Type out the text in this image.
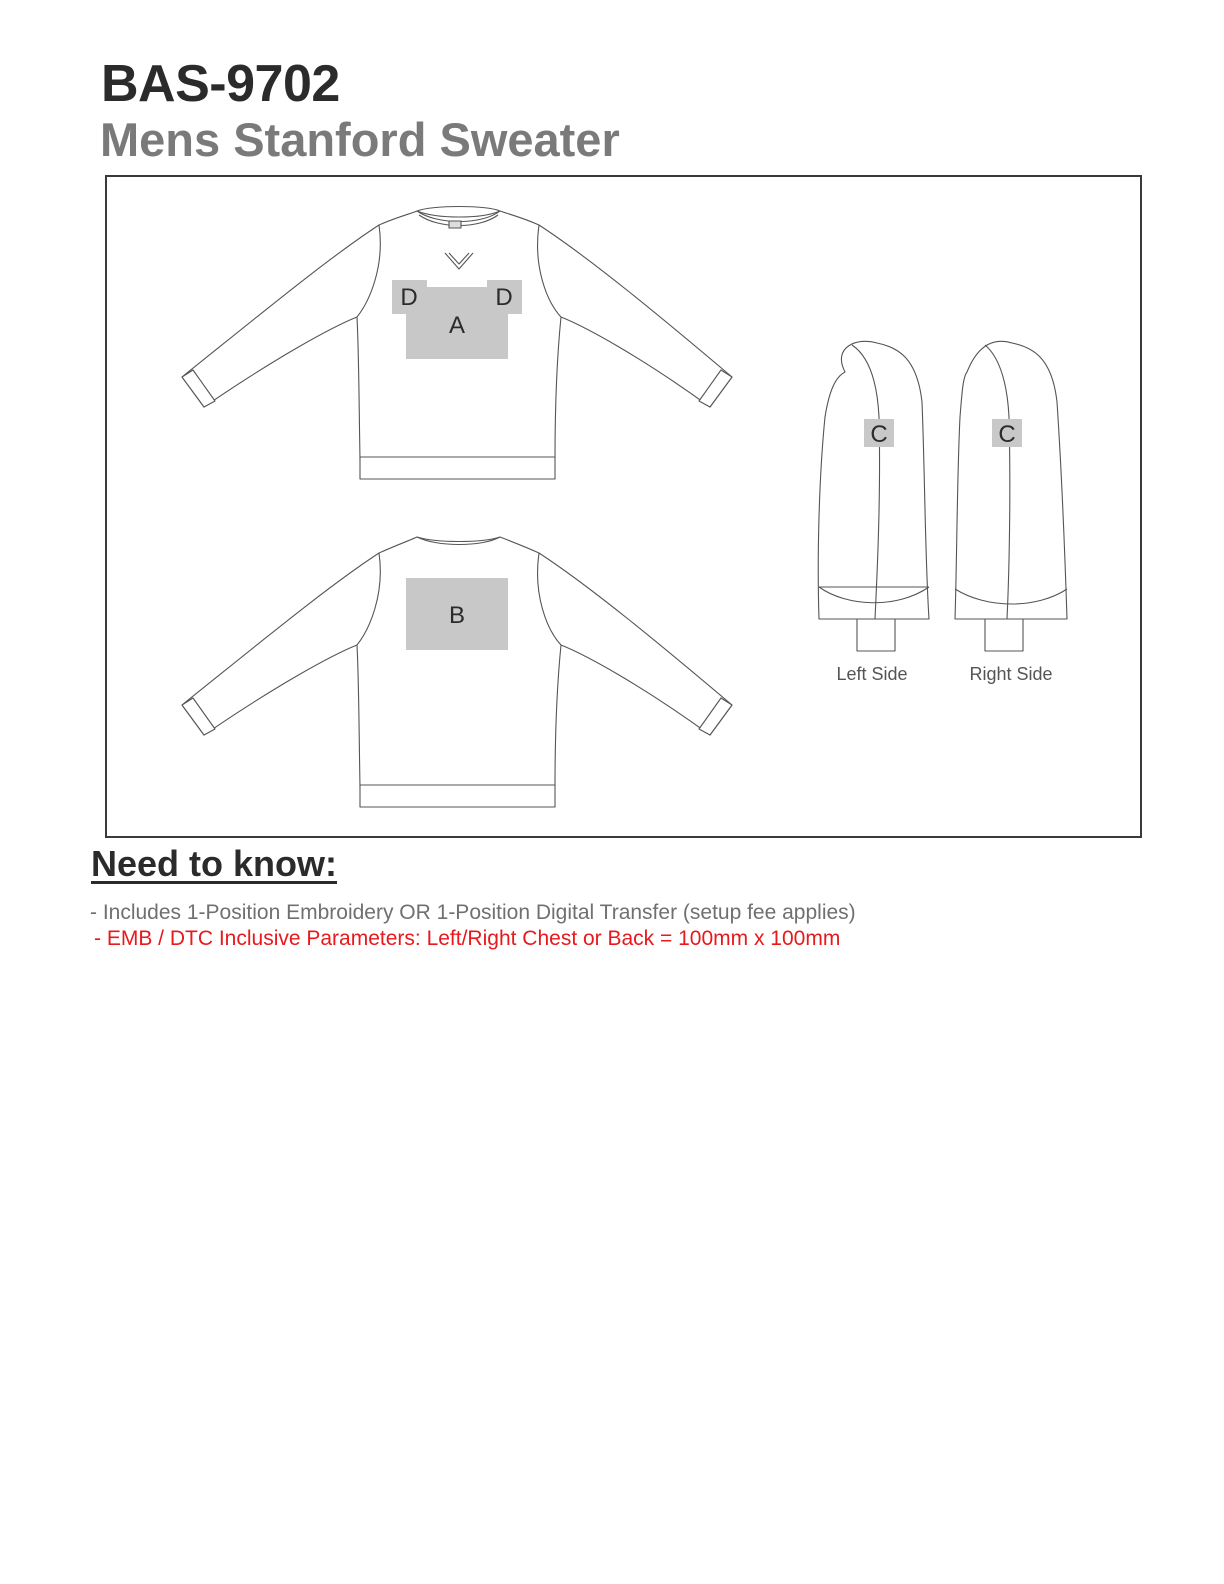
BAS-9702
Mens Stanford Sweater
A
D	D
B
C	C
Left Side	Right Side
Need to know:

- Includes 1-Position Embroidery OR 1-Position Digital Transfer (setup fee applies)

- EMB / DTC Inclusive Parameters: Left/Right Chest or Back = 100mm x 100mm
